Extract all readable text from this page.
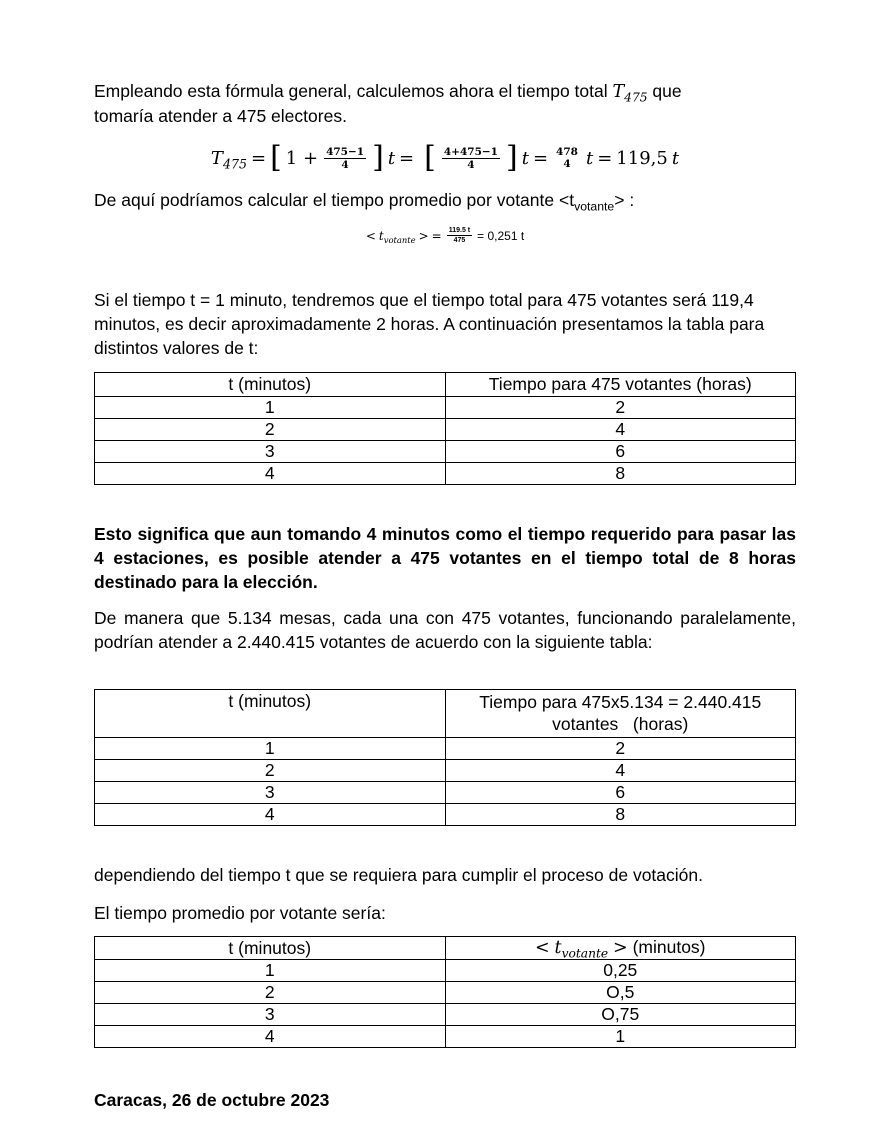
Empleando esta fórmula general, calculemos ahora el tiempo total $T_{475}$ que
tomaría atender a 475 electores.

$T_{475}$ = [ $1 + \frac{475-1}{4}$ ] t = [ $\frac{4+475-1}{4}$ ] t = 478
4 t = 119,5 t

De aquí podríamos calcular el tiempo promedio por votante $<t_{votante}>$ :

< $t_{votante}$ > = $\frac{119.5 t}{475} = 0,251$ t

Si el tiempo t = 1 minuto, tendremos que el tiempo total para 475 votantes será 119,4 minutos, es decir aproximadamente 2 horas. A continuación presentamos la tabla para distintos valores de t:

t (minutos)	Tiempo para 475 votantes (horas)
1	2
2	4
3	6
4	8

Esto significa que aun tomando 4 minutos como el tiempo requerido para pasar las 4 estaciones, es posible atender a 475 votantes en el tiempo total de 8 horas destinado para la elección.

De manera que 5.134 mesas, cada una con 475 votantes, funcionando paralelamente, podrían atender a 2.440.415 votantes de acuerdo con la siguiente tabla:

t (minutos)	Tiempo para 475x5.134 = 2.440.415
votantes   (horas)
1	2
2	4
3	6
4	8

dependiendo del tiempo t que se requiera para cumplir el proceso de votación.

El tiempo promedio por votante sería:

t (minutos)	< $t_{votante}$ > (minutos)
1	0,25
2	O,5
3	O,75
4	1

Caracas, 26 de octubre 2023
